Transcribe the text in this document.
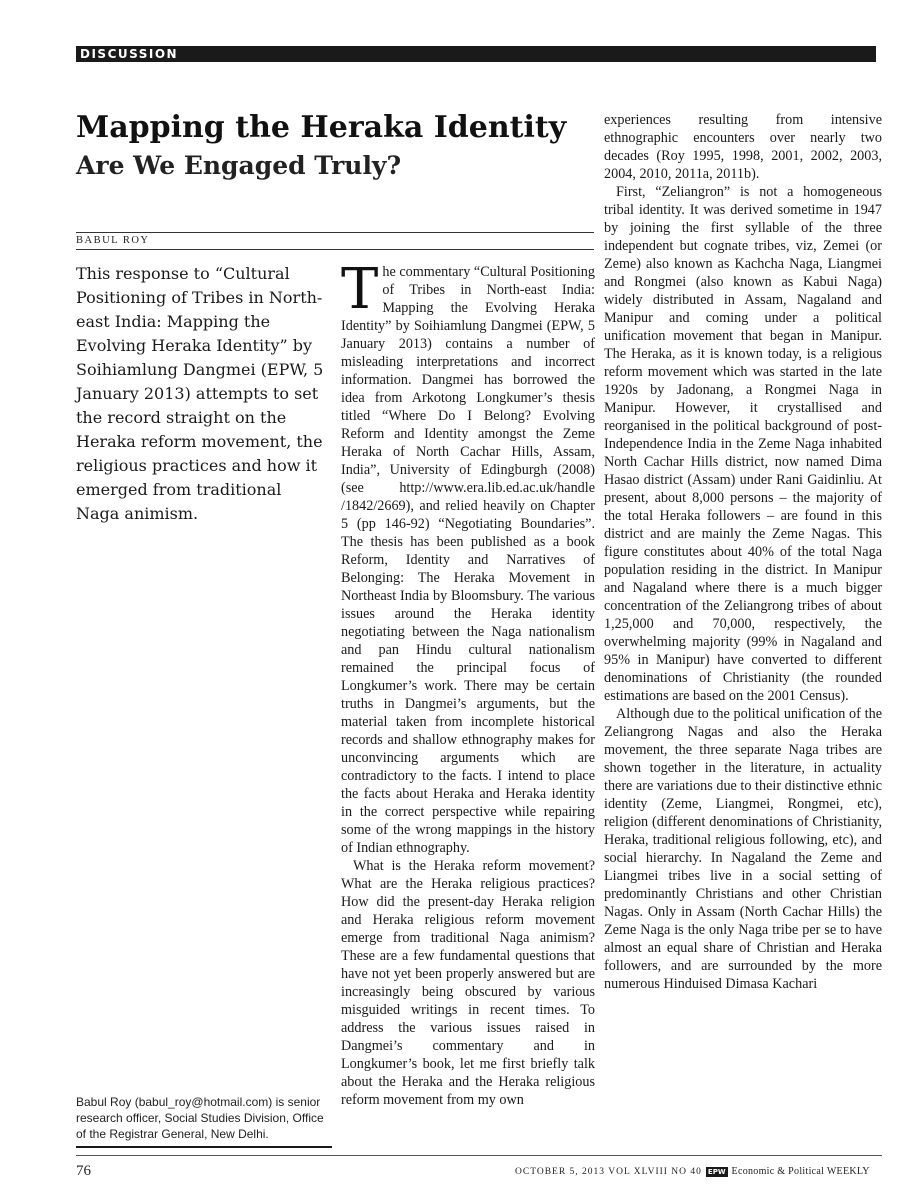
DISCUSSION
Mapping the Heraka Identity
Are We Engaged Truly?
BABUL ROY

This response to “Cultural Positioning of Tribes in North-east India: Mapping the Evolving Heraka Identity” by Soihiamlung Dangmei (EPW, 5 January 2013) attempts to set the record straight on the Heraka reform movement, the religious practices and how it emerged from traditional Naga animism.

The commentary “Cultural Positioning of Tribes in North-east India: Mapping the Evolving Heraka Identity” by Soihiamlung Dangmei (EPW, 5 January 2013) contains a number of misleading interpretations and incorrect information. Dangmei has borrowed the idea from Arkotong Longkumer’s thesis titled “Where Do I Belong? Evolving Reform and Identity amongst the Zeme Heraka of North Cachar Hills, Assam, India”, University of Edingburgh (2008) (see http://www.era.lib.ed.ac.uk/handle /1842/2669), and relied heavily on Chapter 5 (pp 146-92) “Negotiating Boundaries”. The thesis has been published as a book Reform, Identity and Narratives of Belonging: The Heraka Movement in Northeast India by Bloomsbury. The various issues around the Heraka identity negotiating between the Naga nationalism and pan Hindu cultural nationalism remained the principal focus of Longkumer’s work. There may be certain truths in Dangmei’s arguments, but the material taken from incomplete historical records and shallow ethnography makes for unconvincing arguments which are contradictory to the facts. I intend to place the facts about Heraka and Heraka identity in the correct perspective while repairing some of the wrong mappings in the history of Indian ethnography.

What is the Heraka reform movement? What are the Heraka religious practices? How did the present-day Heraka religion and Heraka religious reform movement emerge from traditional Naga animism? These are a few fundamental questions that have not yet been properly answered but are increasingly being obscured by various misguided writings in recent times. To address the various issues raised in Dangmei’s commentary and in Longkumer’s book, let me first briefly talk about the Heraka and the Heraka religious reform movement from my own

experiences resulting from intensive ethnographic encounters over nearly two decades (Roy 1995, 1998, 2001, 2002, 2003, 2004, 2010, 2011a, 2011b).

First, “Zeliangron” is not a homogeneous tribal identity. It was derived sometime in 1947 by joining the first syllable of the three independent but cognate tribes, viz, Zemei (or Zeme) also known as Kachcha Naga, Liangmei and Rongmei (also known as Kabui Naga) widely distributed in Assam, Nagaland and Manipur and coming under a political unification movement that began in Manipur. The Heraka, as it is known today, is a religious reform movement which was started in the late 1920s by Jadonang, a Rongmei Naga in Manipur. However, it crystallised and reorganised in the political background of post-Independence India in the Zeme Naga inhabited North Cachar Hills district, now named Dima Hasao district (Assam) under Rani Gaidinliu. At present, about 8,000 persons – the majority of the total Heraka followers – are found in this district and are mainly the Zeme Nagas. This figure constitutes about 40% of the total Naga population residing in the district. In Manipur and Nagaland where there is a much bigger concentration of the Zeliangrong tribes of about 1,25,000 and 70,000, respectively, the overwhelming majority (99% in Nagaland and 95% in Manipur) have converted to different denominations of Christianity (the rounded estimations are based on the 2001 Census).

Although due to the political unification of the Zeliangrong Nagas and also the Heraka movement, the three separate Naga tribes are shown together in the literature, in actuality there are variations due to their distinctive ethnic identity (Zeme, Liangmei, Rongmei, etc), religion (different denominations of Christianity, Heraka, traditional religious following, etc), and social hierarchy. In Nagaland the Zeme and Liangmei tribes live in a social setting of predominantly Christians and other Christian Nagas. Only in Assam (North Cachar Hills) the Zeme Naga is the only Naga tribe per se to have almost an equal share of Christian and Heraka followers, and are surrounded by the more numerous Hinduised Dimasa Kachari

Babul Roy (babul_roy@hotmail.com) is senior research officer, Social Studies Division, Office of the Registrar General, New Delhi.
76	OCTOBER 5, 2013 VOL XLVIII NO 40 EPW Economic & Political WEEKLY
